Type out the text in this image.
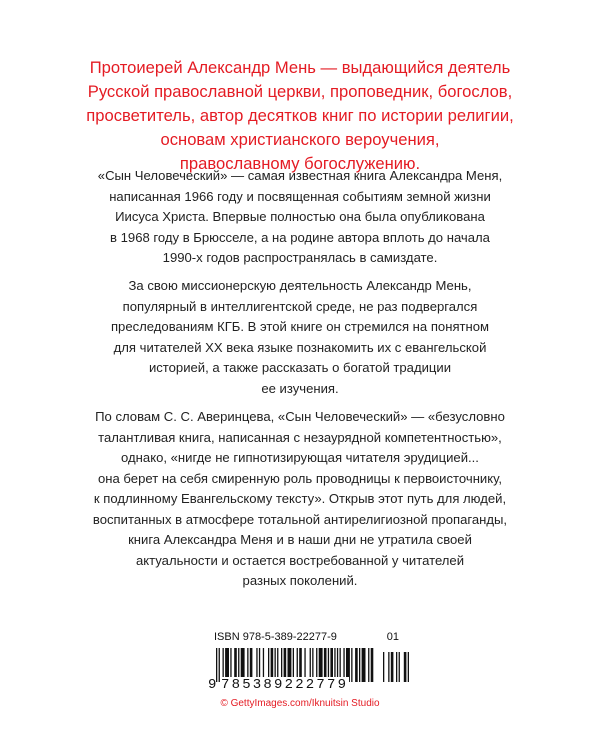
Протоиерей Александр Мень — выдающийся деятель
Русской православной церкви, проповедник, богослов,
просветитель, автор десятков книг по истории религии,
основам христианского вероучения,
православному богослужению.
«Сын Человеческий» — самая известная книга Александра Меня,
написанная 1966 году и посвященная событиям земной жизни
Иисуса Христа. Впервые полностью она была опубликована
в 1968 году в Брюсселе, а на родине автора вплоть до начала
1990-х годов распространялась в самиздате.
За свою миссионерскую деятельность Александр Мень,
популярный в интеллигентской среде, не раз подвергался
преследованиям КГБ. В этой книге он стремился на понятном
для читателей XX века языке познакомить их с евангельской
историей, а также рассказать о богатой традиции
ее изучения.
По словам С. С. Аверинцева, «Сын Человеческий» — «безусловно
талантливая книга, написанная с незаурядной компетентностью»,
однако, «нигде не гипнотизирующая читателя эрудицией...
она берет на себя смиренную роль проводницы к первоисточнику,
к подлинному Евангельскому тексту». Открыв этот путь для людей,
воспитанных в атмосфере тотальной антирелигиозной пропаганды,
книга Александра Меня и в наши дни не утратила своей
актуальности и остается востребованной у читателей
разных поколений.
ISBN 978-5-389-22277-9	01
9 785389222779
© GettyImages.com/Iknuitsin Studio
